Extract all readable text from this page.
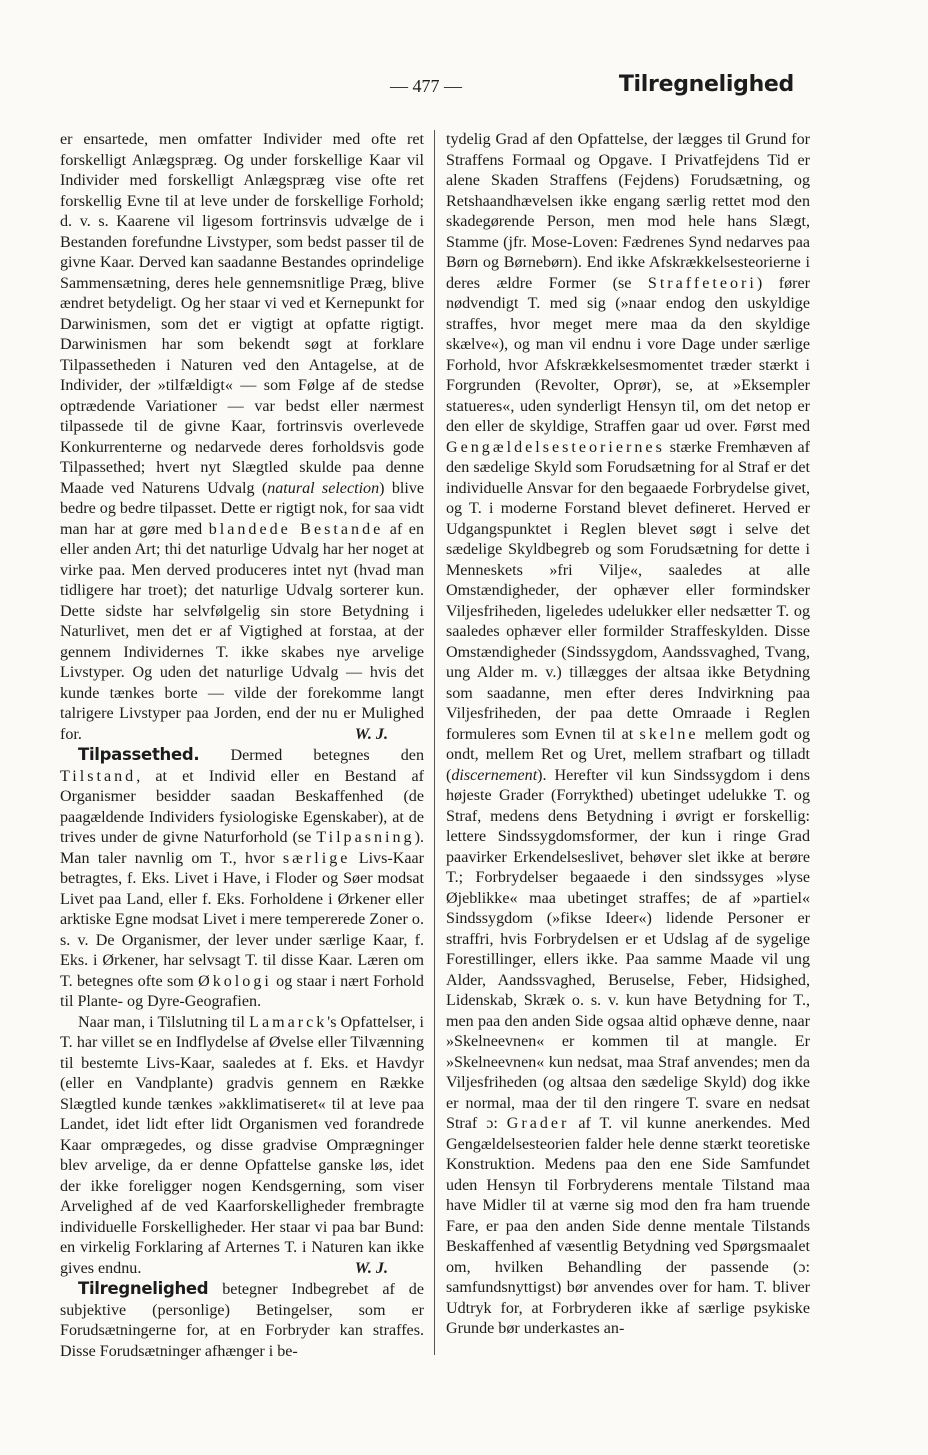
— 477 —	Tilregnelighed

er ensartede, men omfatter Individer med ofte ret forskelligt Anlægspræg. Og under forskellige Kaar vil Individer med forskelligt Anlægspræg vise ofte ret forskellig Evne til at leve under de forskellige Forhold; d. v. s. Kaarene vil ligesom fortrinsvis udvælge de i Bestanden forefundne Livstyper, som bedst passer til de givne Kaar. Derved kan saadanne Bestandes oprindelige Sammensætning, deres hele gennemsnitlige Præg, blive ændret betydeligt. Og her staar vi ved et Kernepunkt for Darwinismen, som det er vigtigt at opfatte rigtigt. Darwinismen har som bekendt søgt at forklare Tilpassetheden i Naturen ved den Antagelse, at de Individer, der »tilfældigt« — som Følge af de stedse optrædende Variationer — var bedst eller nærmest tilpassede til de givne Kaar, fortrinsvis overlevede Konkurrenterne og nedarvede deres forholdsvis gode Tilpassethed; hvert nyt Slægtled skulde paa denne Maade ved Naturens Udvalg (natural selection) blive bedre og bedre tilpasset. Dette er rigtigt nok, for saa vidt man har at gøre med blandede Bestande af en eller anden Art; thi det naturlige Udvalg har her noget at virke paa. Men derved produceres intet nyt (hvad man tidligere har troet); det naturlige Udvalg sorterer kun. Dette sidste har selvfølgelig sin store Betydning i Naturlivet, men det er af Vigtighed at forstaa, at der gennem Individernes T. ikke skabes nye arvelige Livstyper. Og uden det naturlige Udvalg — hvis det kunde tænkes borte — vilde der forekomme langt talrigere Livstyper paa Jorden, end der nu er Mulighed for.	W. J.

Tilpassethed. Dermed betegnes den Tilstand, at et Individ eller en Bestand af Organismer besidder saadan Beskaffenhed (de paagældende Individers fysiologiske Egenskaber), at de trives under de givne Naturforhold (se Tilpasning). Man taler navnlig om T., hvor særlige Livs-Kaar betragtes, f. Eks. Livet i Have, i Floder og Søer modsat Livet paa Land, eller f. Eks. Forholdene i Ørkener eller arktiske Egne modsat Livet i mere tempererede Zoner o. s. v. De Organismer, der lever under særlige Kaar, f. Eks. i Ørkener, har selvsagt T. til disse Kaar. Læren om T. betegnes ofte som Økologi og staar i nært Forhold til Plante- og Dyre-Geografien.

Naar man, i Tilslutning til Lamarck's Opfattelser, i T. har villet se en Indflydelse af Øvelse eller Tilvænning til bestemte Livs-Kaar, saaledes at f. Eks. et Havdyr (eller en Vandplante) gradvis gennem en Række Slægtled kunde tænkes »akklimatiseret« til at leve paa Landet, idet lidt efter lidt Organismen ved forandrede Kaar omprægedes, og disse gradvise Omprægninger blev arvelige, da er denne Opfattelse ganske løs, idet der ikke foreligger nogen Kendsgerning, som viser Arvelighed af de ved Kaarforskelligheder frembragte individuelle Forskelligheder. Her staar vi paa bar Bund: en virkelig Forklaring af Arternes T. i Naturen kan ikke gives endnu.	W. J.

Tilregnelighed betegner Indbegrebet af de subjektive (personlige) Betingelser, som er Forudsætningerne for, at en Forbryder kan straffes. Disse Forudsætninger afhænger i be-

tydelig Grad af den Opfattelse, der lægges til Grund for Straffens Formaal og Opgave. I Privatfejdens Tid er alene Skaden Straffens (Fejdens) Forudsætning, og Retshaandhævelsen ikke engang særlig rettet mod den skadegørende Person, men mod hele hans Slægt, Stamme (jfr. Mose-Loven: Fædrenes Synd nedarves paa Børn og Børnebørn). End ikke Afskrækkelsesteorierne i deres ældre Former (se Straffeteori) fører nødvendigt T. med sig (»naar endog den uskyldige straffes, hvor meget mere maa da den skyldige skælve«), og man vil endnu i vore Dage under særlige Forhold, hvor Afskrækkelsesmomentet træder stærkt i Forgrunden (Revolter, Oprør), se, at »Eksempler statueres«, uden synderligt Hensyn til, om det netop er den eller de skyldige, Straffen gaar ud over. Først med Gengældelsesteoriernes stærke Fremhæven af den sædelige Skyld som Forudsætning for al Straf er det individuelle Ansvar for den begaaede Forbrydelse givet, og T. i moderne Forstand blevet defineret. Herved er Udgangspunktet i Reglen blevet søgt i selve det sædelige Skyldbegreb og som Forudsætning for dette i Menneskets »fri Vilje«, saaledes at alle Omstændigheder, der ophæver eller formindsker Viljesfriheden, ligeledes udelukker eller nedsætter T. og saaledes ophæver eller formilder Straffeskylden. Disse Omstændigheder (Sindssygdom, Aandssvaghed, Tvang, ung Alder m. v.) tillægges der altsaa ikke Betydning som saadanne, men efter deres Indvirkning paa Viljesfriheden, der paa dette Omraade i Reglen formuleres som Evnen til at skelne mellem godt og ondt, mellem Ret og Uret, mellem strafbart og tilladt (discernement). Herefter vil kun Sindssygdom i dens højeste Grader (Forrykthed) ubetinget udelukke T. og Straf, medens dens Betydning i øvrigt er forskellig: lettere Sindssygdomsformer, der kun i ringe Grad paavirker Erkendelseslivet, behøver slet ikke at berøre T.; Forbrydelser begaaede i den sindssyges »lyse Øjeblikke« maa ubetinget straffes; de af »partiel« Sindssygdom (»fikse Ideer«) lidende Personer er straffri, hvis Forbrydelsen er et Udslag af de sygelige Forestillinger, ellers ikke. Paa samme Maade vil ung Alder, Aandssvaghed, Beruselse, Feber, Hidsighed, Lidenskab, Skræk o. s. v. kun have Betydning for T., men paa den anden Side ogsaa altid ophæve denne, naar »Skelneevnen« er kommen til at mangle. Er »Skelneevnen« kun nedsat, maa Straf anvendes; men da Viljesfriheden (og altsaa den sædelige Skyld) dog ikke er normal, maa der til den ringere T. svare en nedsat Straf ɔ: Grader af T. vil kunne anerkendes. Med Gengældelsesteorien falder hele denne stærkt teoretiske Konstruktion. Medens paa den ene Side Samfundet uden Hensyn til Forbryderens mentale Tilstand maa have Midler til at værne sig mod den fra ham truende Fare, er paa den anden Side denne mentale Tilstands Beskaffenhed af væsentlig Betydning ved Spørgsmaalet om, hvilken Behandling der passende (ɔ: samfundsnyttigst) bør anvendes over for ham. T. bliver Udtryk for, at Forbryderen ikke af særlige psykiske Grunde bør underkastes an-
